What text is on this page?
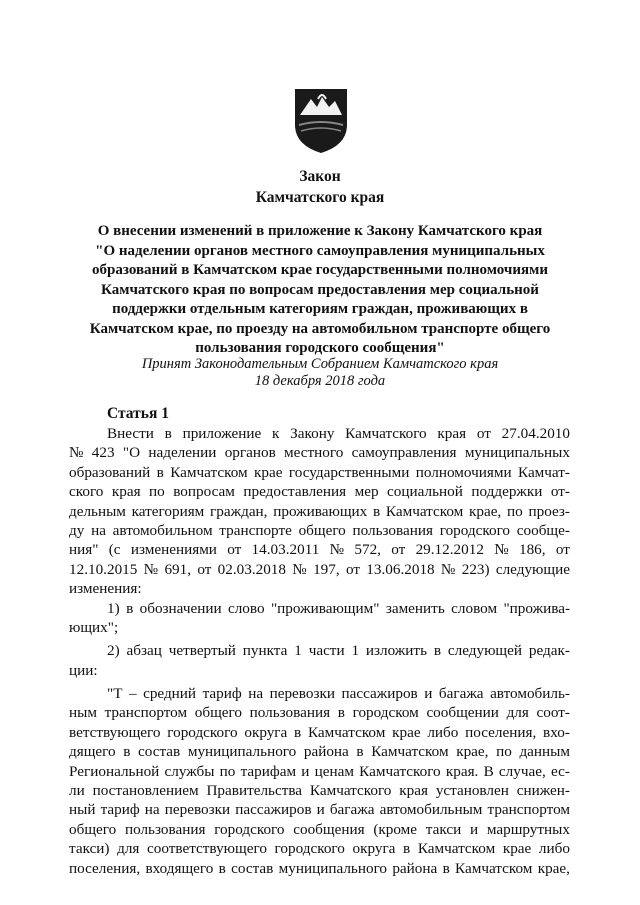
Закон
Камчатского края
О внесении изменений в приложение к Закону Камчатского края
"О наделении органов местного самоуправления муниципальных
образований в Камчатском крае государственными полномочиями
Камчатского края по вопросам предоставления мер социальной
поддержки отдельным категориям граждан, проживающих в
Камчатском крае, по проезду на автомобильном транспорте общего
пользования городского сообщения"
Принят Законодательным Собранием Камчатского края
18 декабря 2018 года
Статья 1
Внести в приложение к Закону Камчатского края от 27.04.2010
№ 423 "О наделении органов местного самоуправления муниципальных
образований в Камчатском крае государственными полномочиями Камчат-
ского края по вопросам предоставления мер социальной поддержки от-
дельным категориям граждан, проживающих в Камчатском крае, по проез-
ду на автомобильном транспорте общего пользования городского сообще-
ния" (с изменениями от 14.03.2011 № 572, от 29.12.2012 № 186, от
12.10.2015 № 691, от 02.03.2018 № 197, от 13.06.2018 № 223) следующие
изменения:
1) в обозначении слово "проживающим" заменить словом "прожива-
ющих";
2) абзац четвертый пункта 1 части 1 изложить в следующей редак-
ции:
"Т – средний тариф на перевозки пассажиров и багажа автомобиль-
ным транспортом общего пользования в городском сообщении для соот-
ветствующего городского округа в Камчатском крае либо поселения, вхо-
дящего в состав муниципального района в Камчатском крае, по данным
Региональной службы по тарифам и ценам Камчатского края. В случае, ес-
ли постановлением Правительства Камчатского края установлен снижен-
ный тариф на перевозки пассажиров и багажа автомобильным транспортом
общего пользования городского сообщения (кроме такси и маршрутных
такси) для соответствующего городского округа в Камчатском крае либо
поселения, входящего в состав муниципального района в Камчатском крае,
